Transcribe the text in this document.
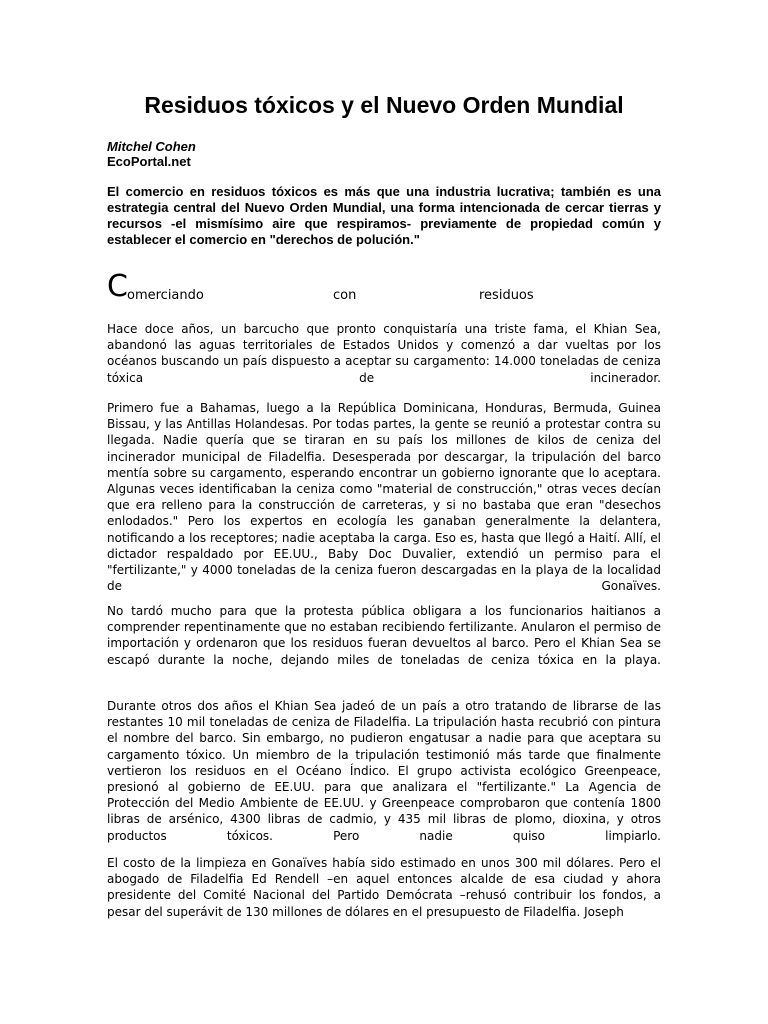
Residuos tóxicos y el Nuevo Orden Mundial
Mitchel Cohen
EcoPortal.net

El comercio en residuos tóxicos es más que una industria lucrativa; también es una estrategia central del Nuevo Orden Mundial, una forma intencionada de cercar tierras y recursos -el mismísimo aire que respiramos- previamente de propiedad común y establecer el comercio en "derechos de polución."

C omerciando	con	residuos

Hace doce años, un barcucho que pronto conquistaría una triste fama, el Khian Sea, abandonó las aguas territoriales de Estados Unidos y comenzó a dar vueltas por los océanos buscando un país dispuesto a aceptar su cargamento: 14.000 toneladas de ceniza tóxica de incinerador.

Primero fue a Bahamas, luego a la República Dominicana, Honduras, Bermuda, Guinea Bissau, y las Antillas Holandesas. Por todas partes, la gente se reunió a protestar contra su llegada. Nadie quería que se tiraran en su país los millones de kilos de ceniza del incinerador municipal de Filadelfia. Desesperada por descargar, la tripulación del barco mentía sobre su cargamento, esperando encontrar un gobierno ignorante que lo aceptara. Algunas veces identificaban la ceniza como "material de construcción," otras veces decían que era relleno para la construcción de carreteras, y si no bastaba que eran "desechos enlodados." Pero los expertos en ecología les ganaban generalmente la delantera, notificando a los receptores; nadie aceptaba la carga. Eso es, hasta que llegó a Haití. Allí, el dictador respaldado por EE.UU., Baby Doc Duvalier, extendió un permiso para el "fertilizante," y 4000 toneladas de la ceniza fueron descargadas en la playa de la localidad de Gonaïves.

No tardó mucho para que la protesta pública obligara a los funcionarios haitianos a comprender repentinamente que no estaban recibiendo fertilizante. Anularon el permiso de importación y ordenaron que los residuos fueran devueltos al barco. Pero el Khian Sea se escapó durante la noche, dejando miles de toneladas de ceniza tóxica en la playa.

Durante otros dos años el Khian Sea jadeó de un país a otro tratando de librarse de las restantes 10 mil toneladas de ceniza de Filadelfia. La tripulación hasta recubrió con pintura el nombre del barco. Sin embargo, no pudieron engatusar a nadie para que aceptara su cargamento tóxico. Un miembro de la tripulación testimonió más tarde que finalmente vertieron los residuos en el Océano Índico. El grupo activista ecológico Greenpeace, presionó al gobierno de EE.UU. para que analizara el "fertilizante." La Agencia de Protección del Medio Ambiente de EE.UU. y Greenpeace comprobaron que contenía 1800 libras de arsénico, 4300 libras de cadmio, y 435 mil libras de plomo, dioxina, y otros productos tóxicos. Pero nadie quiso limpiarlo.

El costo de la limpieza en Gonaïves había sido estimado en unos 300 mil dólares. Pero el abogado de Filadelfia Ed Rendell –en aquel entonces alcalde de esa ciudad y ahora presidente del Comité Nacional del Partido Demócrata –rehusó contribuir los fondos, a pesar del superávit de 130 millones de dólares en el presupuesto de Filadelfia. Joseph
